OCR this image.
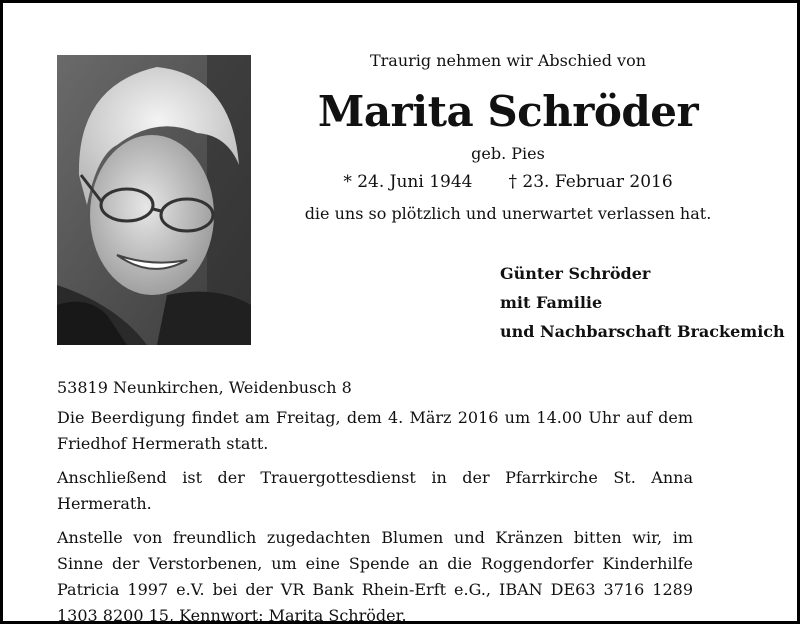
Traurig nehmen wir Abschied von
Marita Schröder
geb. Pies
* 24. Juni 1944 † 23. Februar 2016
die uns so plötzlich und unerwartet verlassen hat.
Günter Schröder
mit Familie
und Nachbarschaft Brackemich

53819 Neunkirchen, Weidenbusch 8

Die Beerdigung findet am Freitag, dem 4. März 2016 um 14.00 Uhr auf dem Friedhof Hermerath statt.

Anschließend ist der Trauergottesdienst in der Pfarrkirche St. Anna Hermerath.

Anstelle von freundlich zugedachten Blumen und Kränzen bitten wir, im Sinne der Verstorbenen, um eine Spende an die Roggendorfer Kinderhilfe Patricia 1997 e.V. bei der VR Bank Rhein-Erft e.G., IBAN DE63 3716 1289 1303 8200 15, Kennwort: Marita Schröder.
